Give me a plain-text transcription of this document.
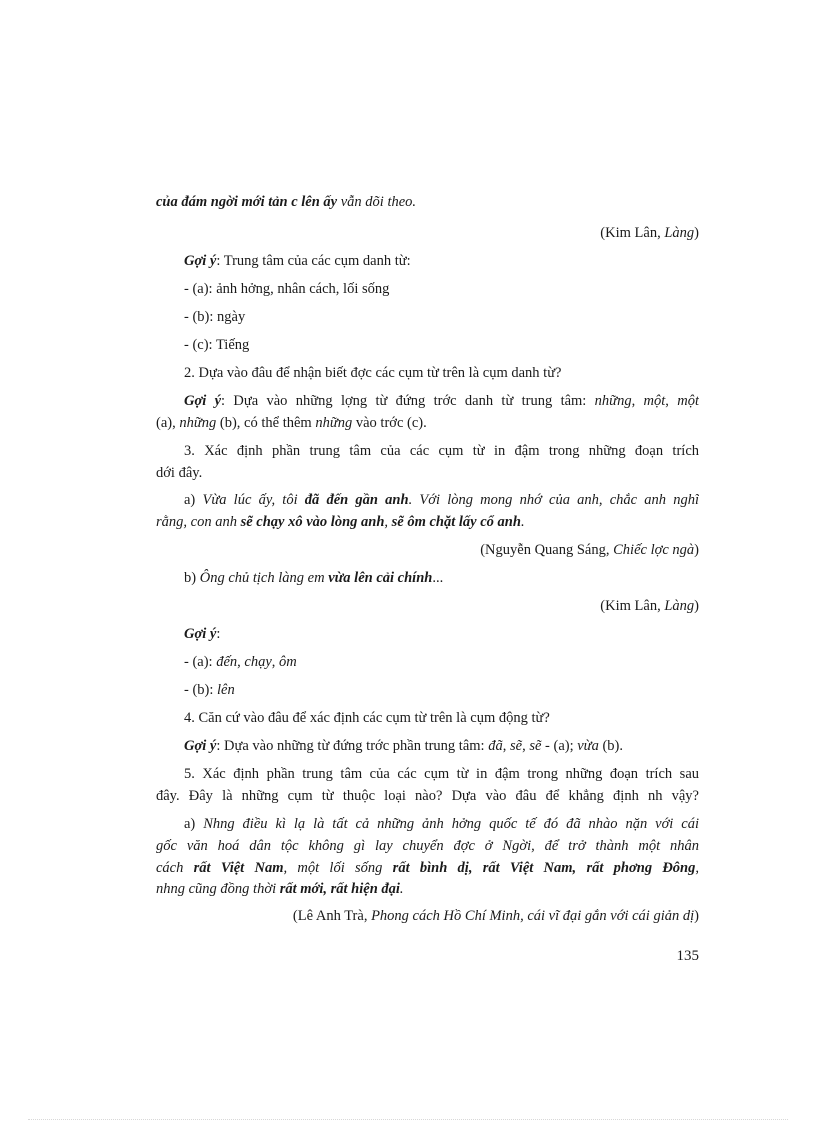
của đám ngời mới tản c lên ấy vẫn dõi theo.
(Kim Lân, Làng)
Gợi ý: Trung tâm của các cụm danh từ:
- (a): ảnh hởng, nhân cách, lối sống
- (b): ngày
- (c): Tiếng
2. Dựa vào đâu để nhận biết đợc các cụm từ trên là cụm danh từ?
Gợi ý: Dựa vào những lợng từ đứng trớc danh từ trung tâm: những, một, một
(a), những (b), có thể thêm những vào trớc (c).
3. Xác định phần trung tâm của các cụm từ in đậm trong những đoạn trích
dới đây.
a) Vừa lúc ấy, tôi đã đến gần anh. Với lòng mong nhớ của anh, chắc anh nghĩ
rằng, con anh sẽ chạy xô vào lòng anh, sẽ ôm chặt lấy cổ anh.
(Nguyễn Quang Sáng, Chiếc lợc ngà)
b) Ông chủ tịch làng em vừa lên cải chính...
(Kim Lân, Làng)
Gợi ý:
- (a): đến, chạy, ôm
- (b): lên
4. Căn cứ vào đâu để xác định các cụm từ trên là cụm động từ?
Gợi ý: Dựa vào những từ đứng trớc phần trung tâm: đã, sẽ, sẽ - (a); vừa (b).
5. Xác định phần trung tâm của các cụm từ in đậm trong những đoạn trích sau
đây. Đây là những cụm từ thuộc loại nào? Dựa vào đâu để khẳng định nh vậy?
a) Nhng điều kì lạ là tất cả những ảnh hởng quốc tế đó đã nhào nặn với cái
gốc văn hoá dân tộc không gì lay chuyển đợc ở Ngời, để trở thành một nhân
cách rất Việt Nam, một lối sống rất bình dị, rất Việt Nam, rất phơng Đông,
nhng cũng đồng thời rất mới, rất hiện đại.
(Lê Anh Trà, Phong cách Hồ Chí Minh, cái vĩ đại gắn với cái giản dị)
135
